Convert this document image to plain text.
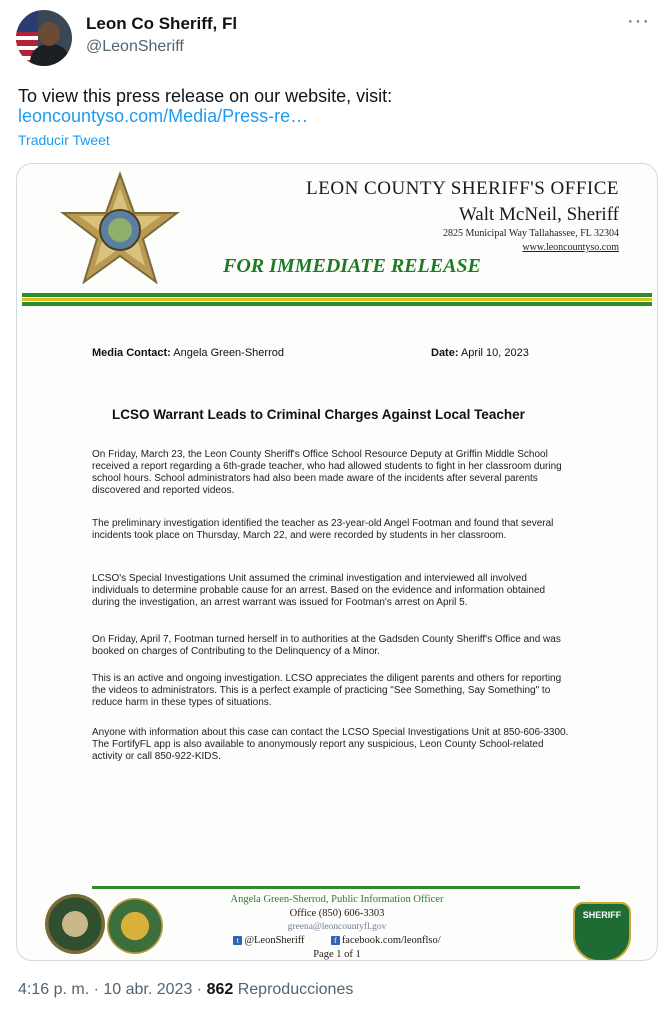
Leon Co Sheriff, Fl
@LeonSheriff
···
To view this press release on our website, visit:
leoncountyso.com/Media/Press-re…
Traducir Tweet
LEON COUNTY SHERIFF'S OFFICE
Walt McNeil, Sheriff
2825 Municipal Way Tallahassee, FL 32304
www.leoncountyso.com
FOR IMMEDIATE RELEASE
Media Contact: Angela Green-Sherrod	Date: April 10, 2023
LCSO Warrant Leads to Criminal Charges Against Local Teacher

On Friday, March 23, the Leon County Sheriff's Office School Resource Deputy at Griffin Middle School received a report regarding a 6th-grade teacher, who had allowed students to fight in her classroom during school hours. School administrators had also been made aware of the incidents after several parents discovered and reported videos.

The preliminary investigation identified the teacher as 23-year-old Angel Footman and found that several incidents took place on Thursday, March 22, and were recorded by students in her classroom.

LCSO's Special Investigations Unit assumed the criminal investigation and interviewed all involved individuals to determine probable cause for an arrest. Based on the evidence and information obtained during the investigation, an arrest warrant was issued for Footman's arrest on April 5.

On Friday, April 7, Footman turned herself in to authorities at the Gadsden County Sheriff's Office and was booked on charges of Contributing to the Delinquency of a Minor.

This is an active and ongoing investigation. LCSO appreciates the diligent parents and others for reporting the videos to administrators. This is a perfect example of practicing "See Something, Say Something" to reduce harm in these types of situations.

Anyone with information about this case can contact the LCSO Special Investigations Unit at 850-606-3300. The FortifyFL app is also available to anonymously report any suspicious, Leon County School-related activity or call 850-922-KIDS.

SHERIFF
Angela Green-Sherrod, Public Information Officer
Office (850) 606-3303
greena@leoncountyfl.gov
t @LeonSheriff	f facebook.com/leonflso/
Page 1 of 1
4:16 p. m. · 10 abr. 2023 · 862 Reproducciones
